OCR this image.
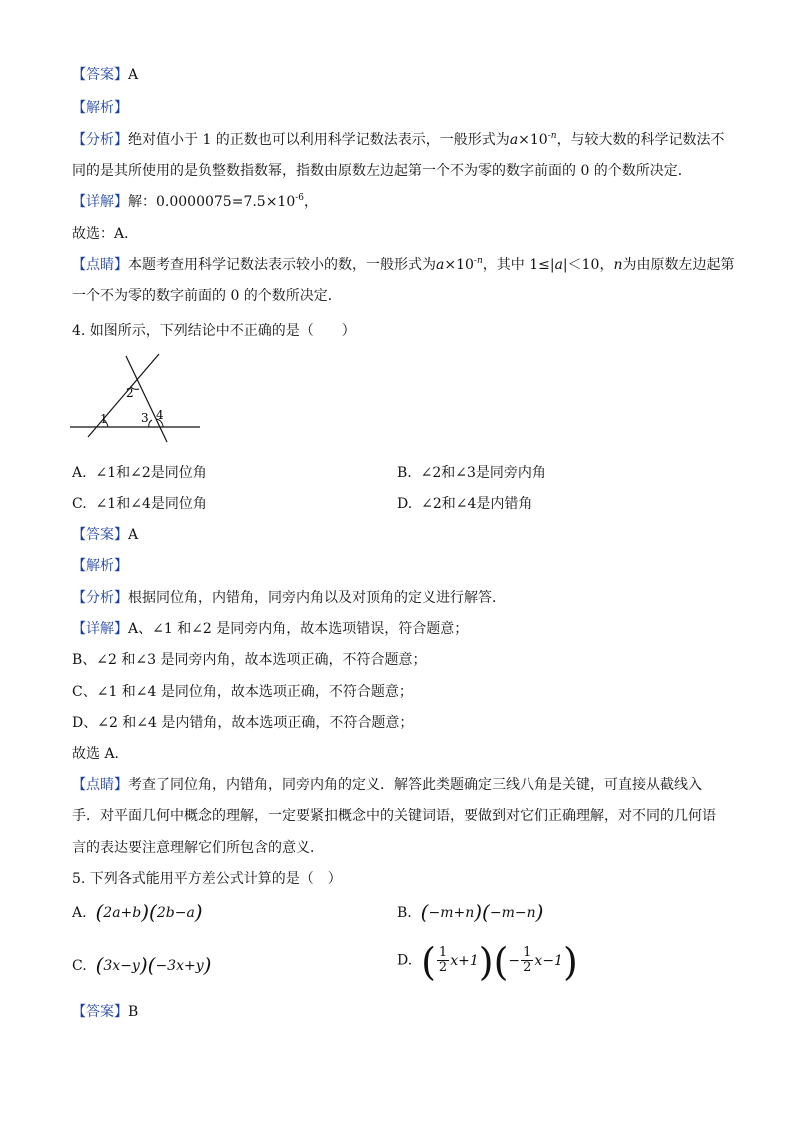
【答案】A
【解析】
【分析】绝对值小于 1 的正数也可以利用科学记数法表示，一般形式为$a\times 10^{-n}$，与较大数的科学记数法不
同的是其所使用的是负整数指数幂，指数由原数左边起第一个不为零的数字前面的 0 的个数所决定．
【详解】解：$0.0000075=7.5\times 10^{-6}$，
故选：A．
【点睛】本题考查用科学记数法表示较小的数，一般形式为$a\times 10^{-n}$，其中 1≤|a|＜10，n为由原数左边起第
一个不为零的数字前面的 0 的个数所决定．
4. 如图所示，下列结论中不正确的是（　　）
1
2
3 4
A. ∠1和∠2是同位角	B. ∠2和∠3是同旁内角
C. ∠1和∠4是同位角	D. ∠2和∠4是内错角
【答案】A
【解析】
【分析】根据同位角，内错角，同旁内角以及对顶角的定义进行解答．
【详解】A、∠1 和∠2 是同旁内角，故本选项错误，符合题意；
B、∠2 和∠3 是同旁内角，故本选项正确，不符合题意；
C、∠1 和∠4 是同位角，故本选项正确，不符合题意；
D、∠2 和∠4 是内错角，故本选项正确，不符合题意；
故选 A．
【点睛】考查了同位角，内错角，同旁内角的定义．解答此类题确定三线八角是关键，可直接从截线入
手．对平面几何中概念的理解，一定要紧扣概念中的关键词语，要做到对它们正确理解，对不同的几何语
言的表达要注意理解它们所包含的意义．
5. 下列各式能用平方差公式计算的是（　）
A. (2a+b)(2b−a)	B. (−m+n)(−m−n)
C. (3x−y)(−3x+y)	D. ( $\frac{1}{2} x+1)(- \frac{1}{2} x-1)$
【答案】B
